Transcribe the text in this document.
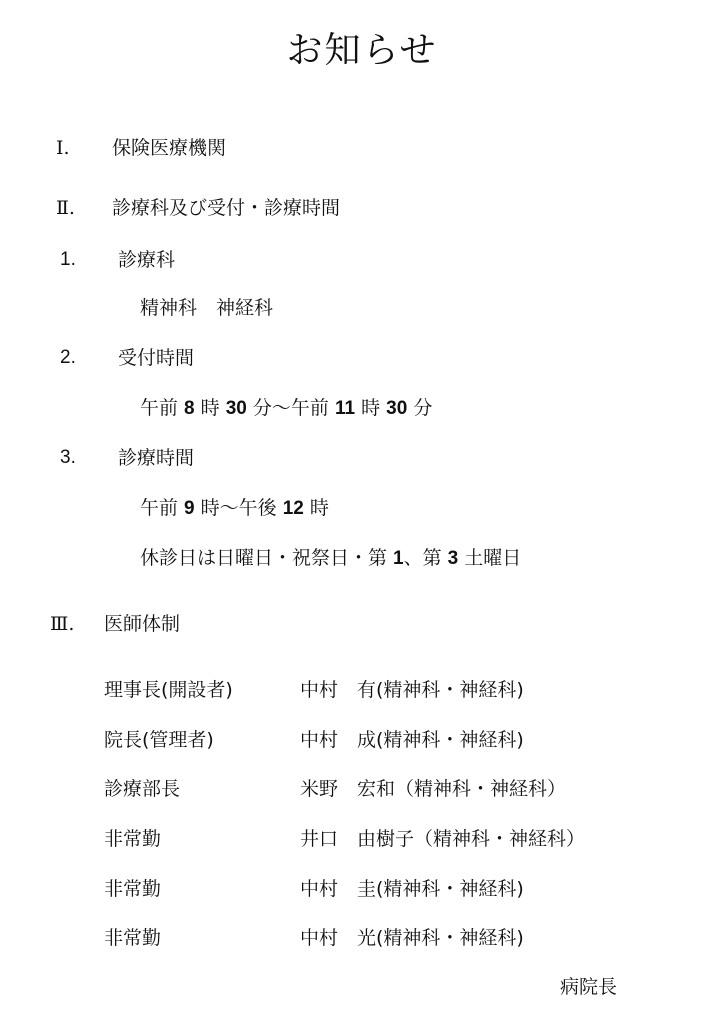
お知らせ
Ⅰ. 保険医療機関
Ⅱ. 診療科及び受付・診療時間
1. 診療科
精神科　神経科
2. 受付時間
午前 8 時 30 分～午前 11 時 30 分
3. 診療時間
午前 9 時～午後 12 時
休診日は日曜日・祝祭日・第 1、第 3 土曜日
Ⅲ. 医師体制
理事長(開設者)	中村　有(精神科・神経科)
院長(管理者)	中村　成(精神科・神経科)
診療部長	米野　宏和（精神科・神経科）
非常勤	井口　由樹子（精神科・神経科）
非常勤	中村　圭(精神科・神経科)
非常勤	中村　光(精神科・神経科)
病院長
